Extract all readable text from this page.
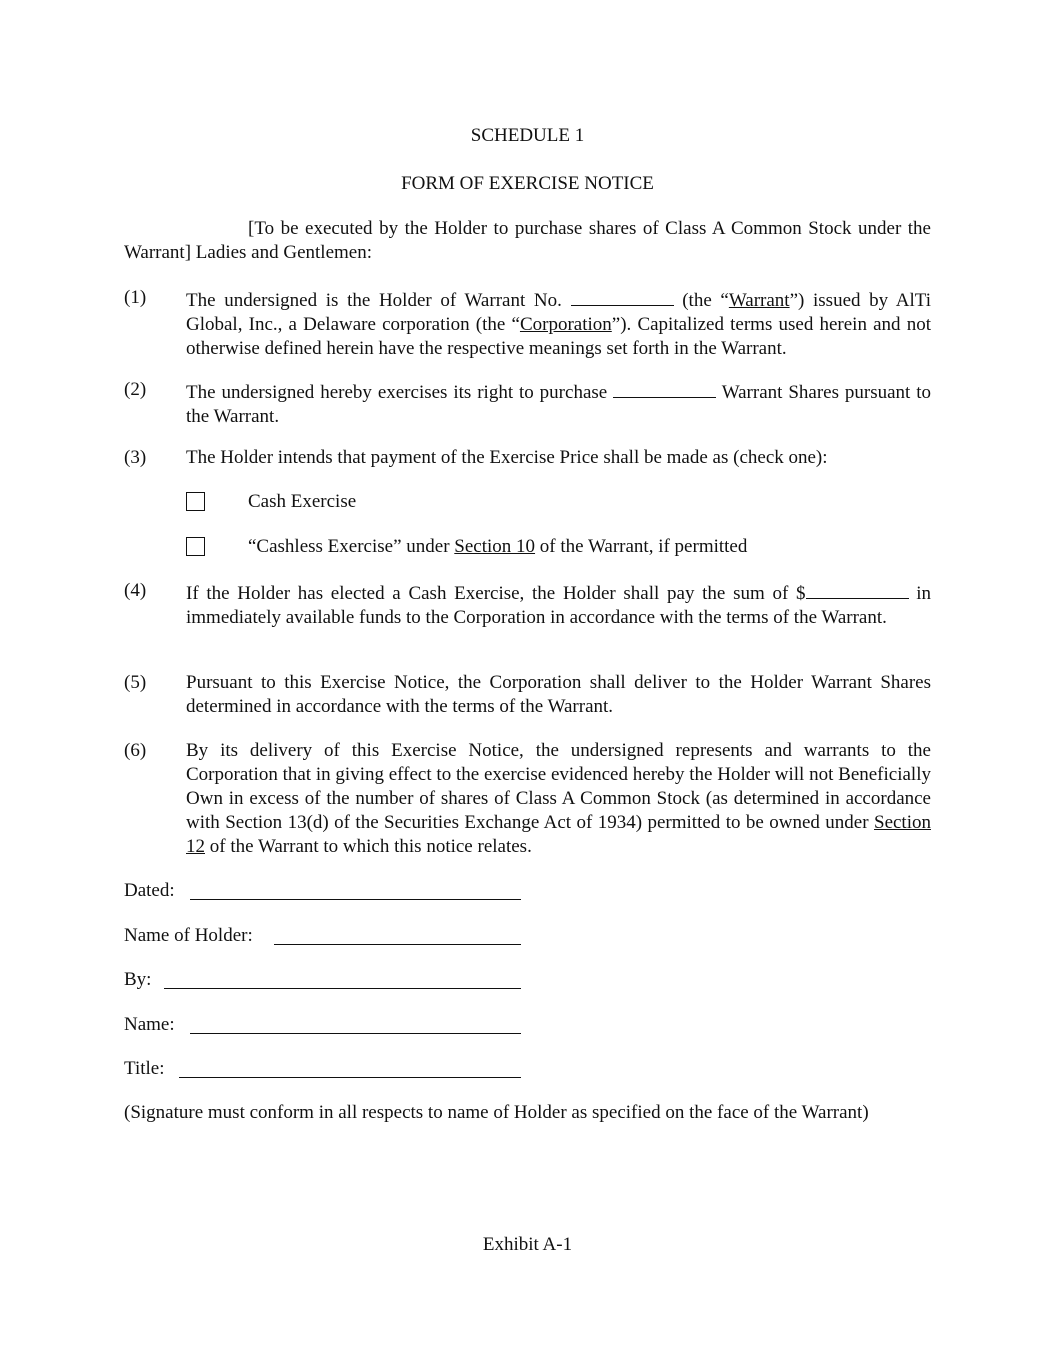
SCHEDULE 1
FORM OF EXERCISE NOTICE
[To be executed by the Holder to purchase shares of Class A Common Stock under the Warrant] Ladies and Gentlemen:
(1)	The undersigned is the Holder of Warrant No.	(the “Warrant”) issued by AlTi Global, Inc., a Delaware corporation (the “Corporation”). Capitalized terms used herein and not otherwise defined herein have the respective meanings set forth in the Warrant.
(2)	The undersigned hereby exercises its right to purchase	Warrant Shares pursuant to the Warrant.
(3)	The Holder intends that payment of the Exercise Price shall be made as (check one):
Cash Exercise
“Cashless Exercise” under Section 10 of the Warrant, if permitted
(4)	If the Holder has elected a Cash Exercise, the Holder shall pay the sum of $	in immediately available funds to the Corporation in accordance with the terms of the Warrant.
(5)	Pursuant to this Exercise Notice, the Corporation shall deliver to the Holder Warrant Shares determined in accordance with the terms of the Warrant.
(6)	By its delivery of this Exercise Notice, the undersigned represents and warrants to the Corporation that in giving effect to the exercise evidenced hereby the Holder will not Beneficially Own in excess of the number of shares of Class A Common Stock (as determined in accordance with Section 13(d) of the Securities Exchange Act of 1934) permitted to be owned under Section 12 of the Warrant to which this notice relates.
Dated:
Name of Holder:
By:
Name:
Title:
(Signature must conform in all respects to name of Holder as specified on the face of the Warrant)
Exhibit A-1
